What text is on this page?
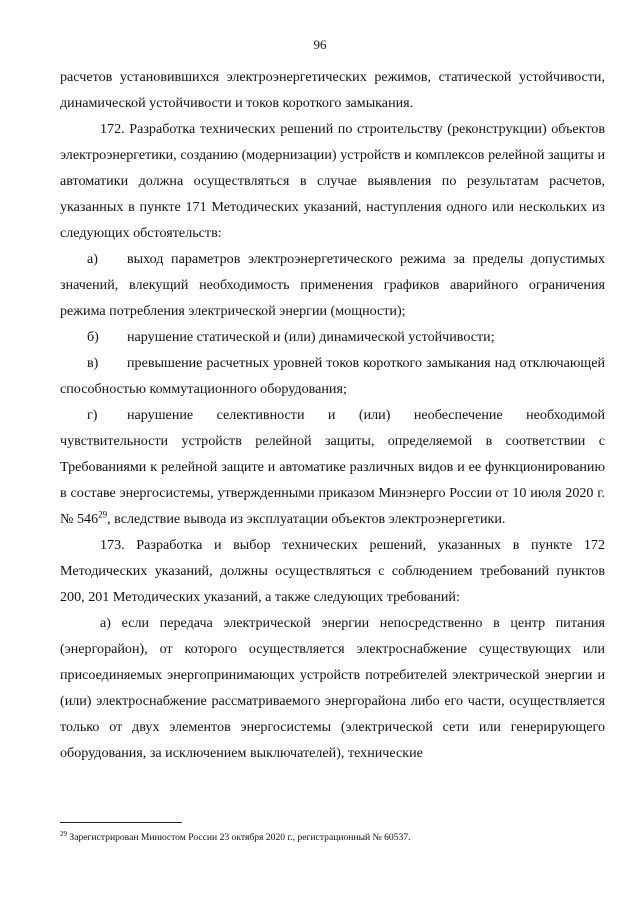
96

расчетов установившихся электроэнергетических режимов, статической устойчивости, динамической устойчивости и токов короткого замыкания.

172. Разработка технических решений по строительству (реконструкции) объектов электроэнергетики, созданию (модернизации) устройств и комплексов релейной защиты и автоматики должна осуществляться в случае выявления по результатам расчетов, указанных в пункте 171 Методических указаний, наступления одного или нескольких из следующих обстоятельств:

а) выход параметров электроэнергетического режима за пределы допустимых значений, влекущий необходимость применения графиков аварийного ограничения режима потребления электрической энергии (мощности);

б) нарушение статической и (или) динамической устойчивости;

в) превышение расчетных уровней токов короткого замыкания над отключающей способностью коммутационного оборудования;

г) нарушение селективности и (или) необеспечение необходимой чувствительности устройств релейной защиты, определяемой в соответствии с Требованиями к релейной защите и автоматике различных видов и ее функционированию в составе энергосистемы, утвержденными приказом Минэнерго России от 10 июля 2020 г. № $546^{29}$, вследствие вывода из эксплуатации объектов электроэнергетики.

173. Разработка и выбор технических решений, указанных в пункте 172 Методических указаний, должны осуществляться с соблюдением требований пунктов 200, 201 Методических указаний, а также следующих требований:

а) если передача электрической энергии непосредственно в центр питания (энергорайон), от которого осуществляется электроснабжение существующих или присоединяемых энергопринимающих устройств потребителей электрической энергии и (или) электроснабжение рассматриваемого энергорайона либо его части, осуществляется только от двух элементов энергосистемы (электрической сети или генерирующего оборудования, за исключением выключателей), технические

$^{29}$ Зарегистрирован Минюстом России 23 октября 2020 г., регистрационный № 60537.
